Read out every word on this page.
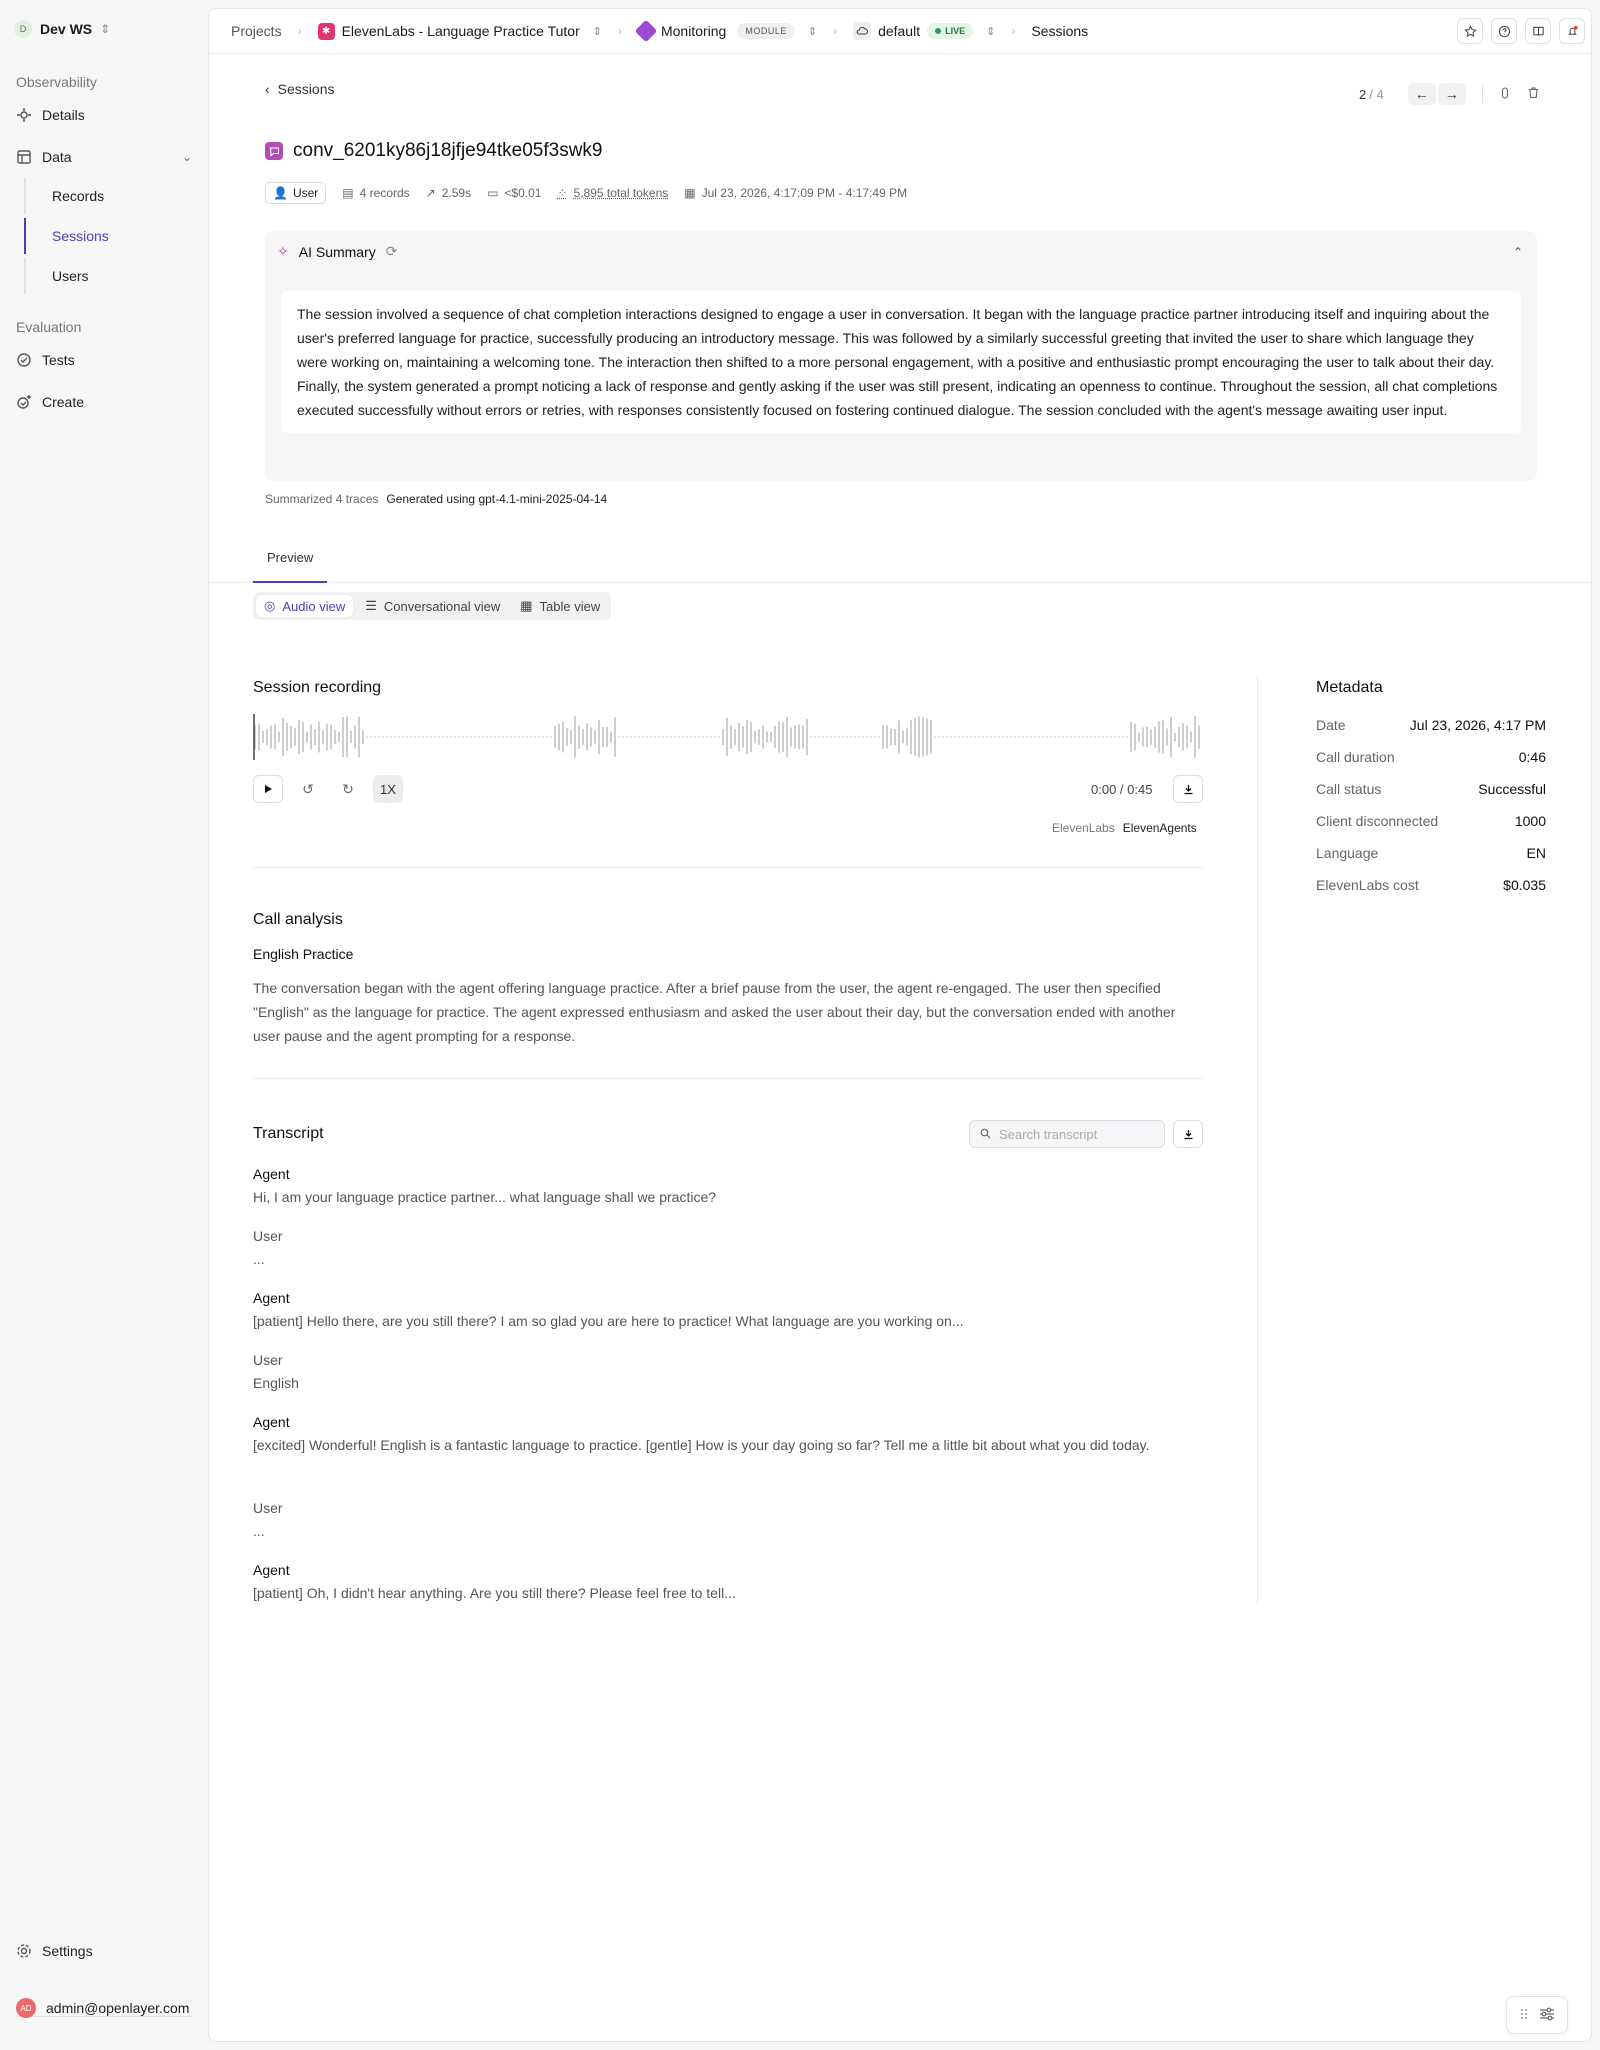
D Dev WS ⇕
Observability
Details
Data	⌄
Records
Sessions
Users
Evaluation
Tests
Create
Settings
AD	admin@openlayer.com
Projects ›	✱ ElevenLabs - Language Practice Tutor ⇕ ›	Monitoring	MODULE	⇕ ›	default	LIVE ⇕ › Sessions
‹ Sessions	2 / 4 ← →
conv_6201ky86j18jfje94tke05f3swk9
👤 User ▤ 4 records ↗ 2.59s ▭ <$0.01 ⁘ 5,895 total tokens ▦ Jul 23, 2026, 4:17:09 PM - 4:17:49 PM
✧ AI Summary ⟳	⌃
The session involved a sequence of chat completion interactions designed to engage a user in conversation. It began with the language practice partner introducing itself and inquiring about the user's preferred language for practice, successfully producing an introductory message. This was followed by a similarly successful greeting that invited the user to share which language they were working on, maintaining a welcoming tone. The interaction then shifted to a more personal engagement, with a positive and enthusiastic prompt encouraging the user to talk about their day. Finally, the system generated a prompt noticing a lack of response and gently asking if the user was still present, indicating an openness to continue. Throughout the session, all chat completions executed successfully without errors or retries, with responses consistently focused on fostering continued dialogue. The session concluded with the agent's message awaiting user input.
Summarized 4 traces Generated using gpt-4.1-mini-2025-04-14
Preview
◎ Audio view ☰ Conversational view ▦ Table view
Session recording
↺ ↻	1X	0:00 / 0:45
ElevenLabs ElevenAgents
Call analysis
English Practice
The conversation began with the agent offering language practice. After a brief pause from the user, the agent re-engaged. The user then specified "English" as the language for practice. The agent expressed enthusiasm and asked the user about their day, but the conversation ended with another user pause and the agent prompting for a response.
Transcript
Search transcript
Agent
Hi, I am your language practice partner... what language shall we practice?
User
...
Agent
[patient] Hello there, are you still there? I am so glad you are here to practice! What language are you working on...
User
English
Agent
[excited] Wonderful! English is a fantastic language to practice. [gentle] How is your day going so far? Tell me a little bit about what you did today.
User
...
Agent
[patient] Oh, I didn't hear anything. Are you still there? Please feel free to tell...
Metadata
Date	Jul 23, 2026, 4:17 PM
Call duration	0:46
Call status	Successful
Client disconnected	1000
Language	EN
ElevenLabs cost	$0.035
⠿
